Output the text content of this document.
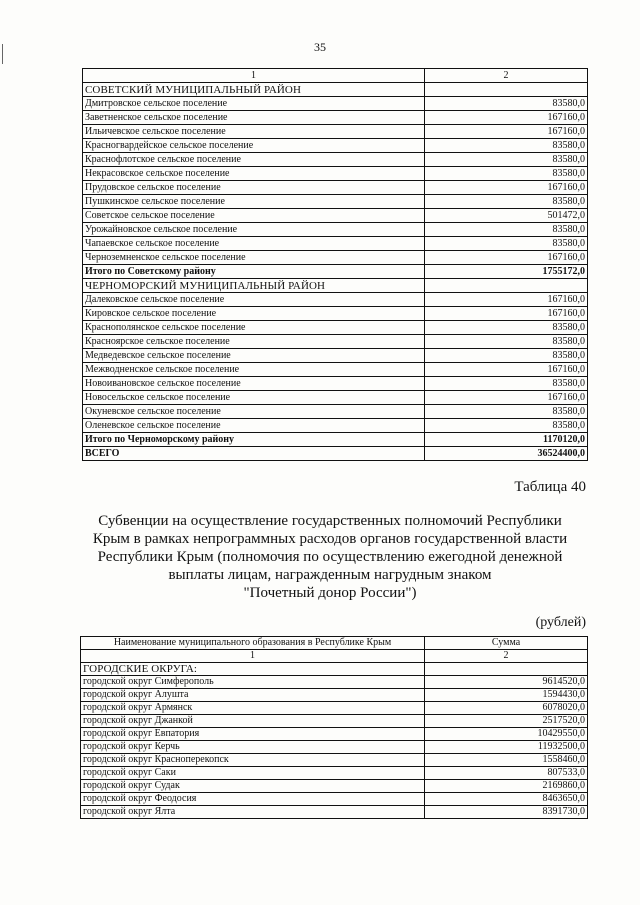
35
1	2
СОВЕТСКИЙ МУНИЦИПАЛЬНЫЙ РАЙОН	
Дмитровское сельское поселение	83580,0
Заветненское сельское поселение	167160,0
Ильичевское сельское поселение	167160,0
Красногвардейское сельское поселение	83580,0
Краснофлотское сельское поселение	83580,0
Некрасовское сельское поселение	83580,0
Прудовское сельское поселение	167160,0
Пушкинское сельское поселение	83580,0
Советское сельское поселение	501472,0
Урожайновское сельское поселение	83580,0
Чапаевское сельское поселение	83580,0
Черноземненское сельское поселение	167160,0
Итого по Советскому району	1755172,0
ЧЕРНОМОРСКИЙ МУНИЦИПАЛЬНЫЙ РАЙОН	
Далековское сельское поселение	167160,0
Кировское сельское поселение	167160,0
Краснополянское сельское поселение	83580,0
Красноярское сельское поселение	83580,0
Медведевское сельское поселение	83580,0
Межводненское сельское поселение	167160,0
Новоивановское сельское поселение	83580,0
Новосельское сельское поселение	167160,0
Окуневское сельское поселение	83580,0
Оленевское сельское поселение	83580,0
Итого по Черноморскому району	1170120,0
ВСЕГО	36524400,0
Таблица 40
Субвенции на осуществление государственных полномочий Республики
Крым в рамках непрограммных расходов органов государственной власти
Республики Крым (полномочия по осуществлению ежегодной денежной
выплаты лицам, награжденным нагрудным знаком
"Почетный донор России")
(рублей)
Наименование муниципального образования в Республике Крым	Сумма
1	2
ГОРОДСКИЕ ОКРУГА:	
городской округ Симферополь	9614520,0
городской округ Алушта	1594430,0
городской округ Армянск	6078020,0
городской округ Джанкой	2517520,0
городской округ Евпатория	10429550,0
городской округ Керчь	11932500,0
городской округ Красноперекопск	1558460,0
городской округ Саки	807533,0
городской округ Судак	2169860,0
городской округ Феодосия	8463650,0
городской округ Ялта	8391730,0
